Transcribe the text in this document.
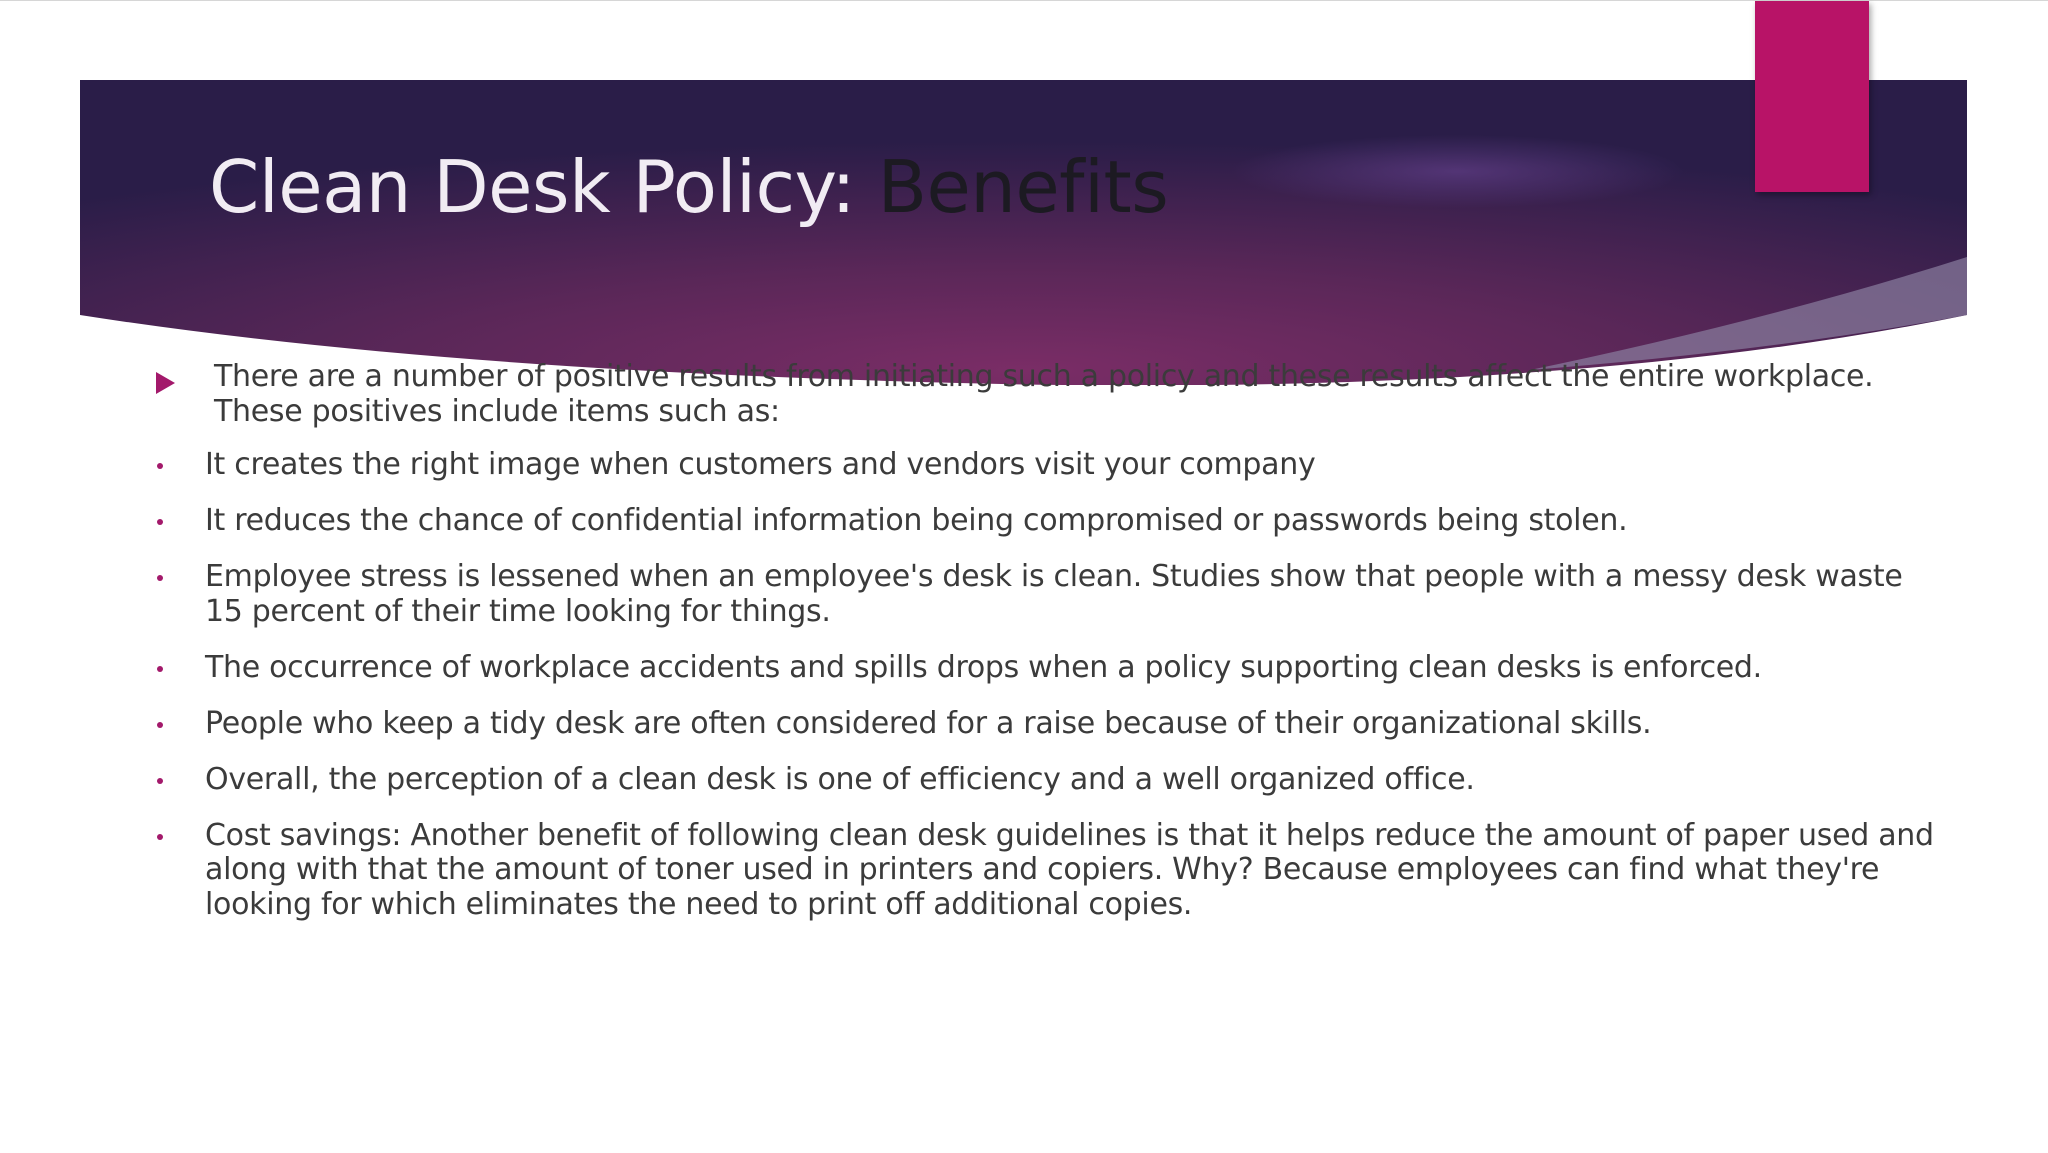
Clean Desk Policy: Benefits
There are a number of positive results from initiating such a policy and these results affect the entire workplace. These positives include items such as:
It creates the right image when customers and vendors visit your company
It reduces the chance of confidential information being compromised or passwords being stolen.
Employee stress is lessened when an employee's desk is clean. Studies show that people with a messy desk waste 15 percent of their time looking for things.
The occurrence of workplace accidents and spills drops when a policy supporting clean desks is enforced.
People who keep a tidy desk are often considered for a raise because of their organizational skills.
Overall, the perception of a clean desk is one of efficiency and a well organized office.
Cost savings: Another benefit of following clean desk guidelines is that it helps reduce the amount of paper used and along with that the amount of toner used in printers and copiers. Why? Because employees can find what they're looking for which eliminates the need to print off additional copies.
